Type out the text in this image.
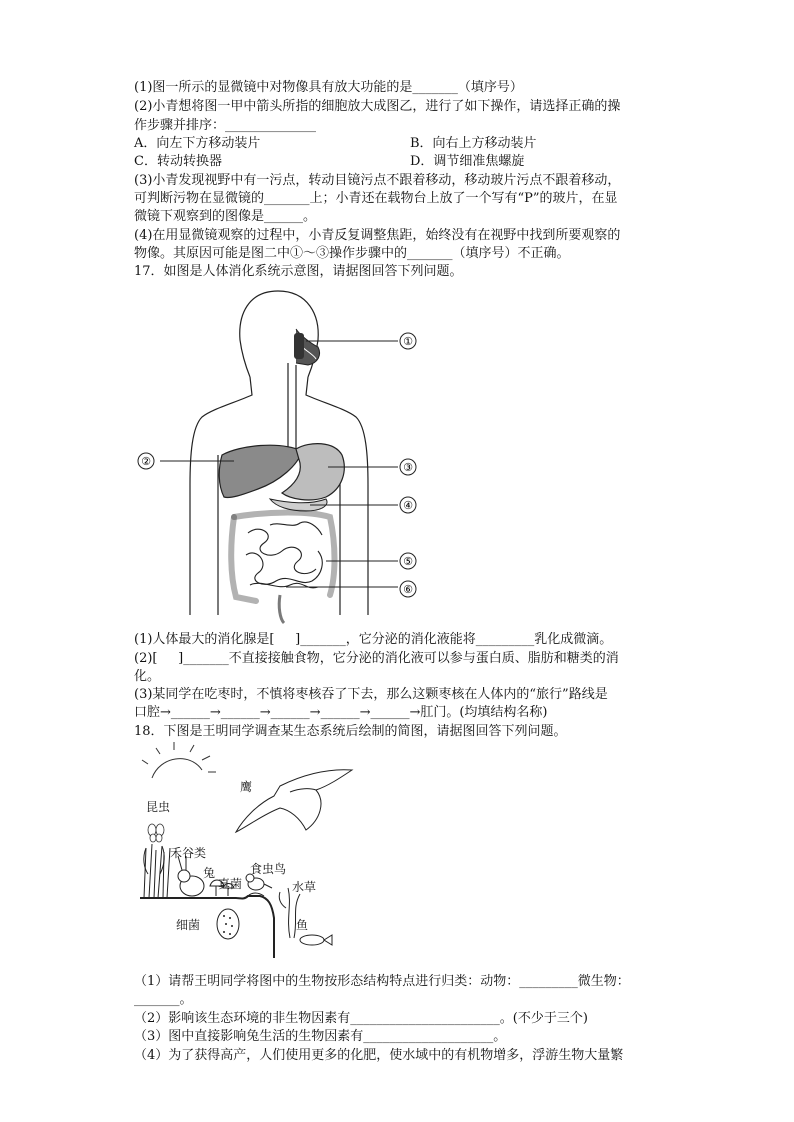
(1)图一所示的显微镜中对物像具有放大功能的是_______（填序号）
(2)小青想将图一甲中箭头所指的细胞放大成图乙，进行了如下操作，请选择正确的操
作步骤并排序：______________
A．向左下方移动装片	B．向右上方移动装片
C．转动转换器	D．调节细准焦螺旋
(3)小青发现视野中有一污点，转动目镜污点不跟着移动，移动玻片污点不跟着移动，
可判断污物在显微镜的_______上；小青还在载物台上放了一个写有“P”的玻片，在显
微镜下观察到的图像是______。
(4)在用显微镜观察的过程中，小青反复调整焦距，始终没有在视野中找到所要观察的
物像。其原因可能是图二中①～③操作步骤中的_______（填序号）不正确。
17．如图是人体消化系统示意图，请据图回答下列问题。
①
②	③
④
⑤
⑥
(1)人体最大的消化腺是[     ]_______，它分泌的消化液能将_________乳化成微滴。
(2)[     ]_______不直接接触食物，它分泌的消化液可以参与蛋白质、脂肪和糖类的消
化。
(3)某同学在吃枣时，不慎将枣核吞了下去，那么这颗枣核在人体内的“旅行”路线是
口腔→______→______→______→______→______→肛门。(均填结构名称)
18．下图是王明同学调查某生态系统后绘制的简图，请据图回答下列问题。
昆虫
鹰
禾谷类
兔
真菌
食虫鸟
水草
细菌	鱼
（1）请帮王明同学将图中的生物按形态结构特点进行归类：动物：_________微生物：
_______。
（2）影响该生态环境的非生物因素有_______________________。(不少于三个)
（3）图中直接影响兔生活的生物因素有____________________。
（4）为了获得高产，人们使用更多的化肥，使水域中的有机物增多，浮游生物大量繁
